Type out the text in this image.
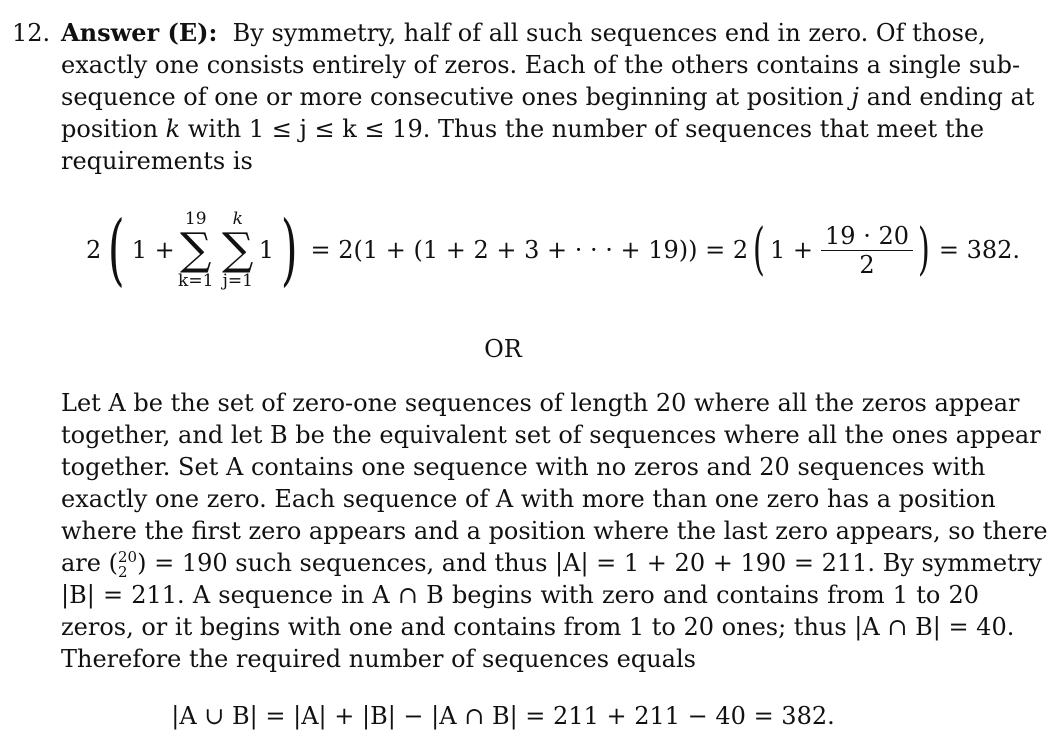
12. Answer (E): By symmetry, half of all such sequences end in zero. Of those,
exactly one consists entirely of zeros. Each of the others contains a single sub-
sequence of one or more consecutive ones beginning at position j and ending at
position k with 1 ≤ j ≤ k ≤ 19. Thus the number of sequences that meet the
requirements is
2 ( 1 +
19
∑
k=1
k
∑
j=1
1 ) = 2(1 + (1 + 2 + 3 + · · · + 19)) = 2 ( $1 + \frac{19 \cdot 20}{2}$ ) = 382.
OR
Let A be the set of zero-one sequences of length 20 where all the zeros appear
together, and let B be the equivalent set of sequences where all the ones appear
together. Set A contains one sequence with no zeros and 20 sequences with
exactly one zero. Each sequence of A with more than one zero has a position
where the first zero appears and a position where the last zero appears, so there
are ( 20
2 ) = 190 such sequences, and thus |A| = 1 + 20 + 190 = 211. By symmetry
|B| = 211. A sequence in A ∩ B begins with zero and contains from 1 to 20
zeros, or it begins with one and contains from 1 to 20 ones; thus |A ∩ B| = 40.
Therefore the required number of sequences equals
|A ∪ B| = |A| + |B| − |A ∩ B| = 211 + 211 − 40 = 382.
